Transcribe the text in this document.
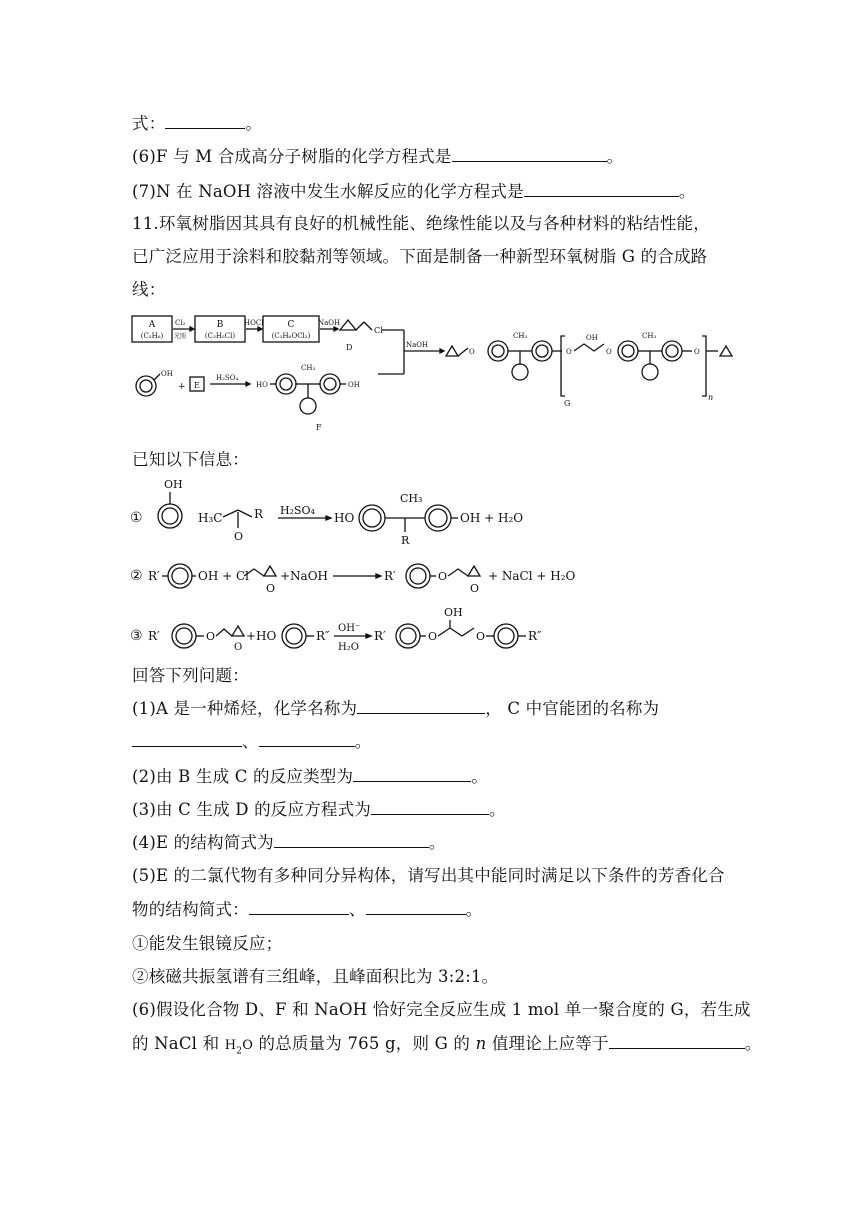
式：	。
(6)F 与 M 合成高分子树脂的化学方程式是	。
(7)N 在 NaOH 溶液中发生水解反应的化学方程式是	。
11.环氧树脂因其具有良好的机械性能、绝缘性能以及与各种材料的粘结性能，
已广泛应用于涂料和胶黏剂等领域。下面是制备一种新型环氧树脂 G 的合成路
线：
A
(C₃H₆)
Cl₂
光照
B
(C₃H₅Cl)
HOCl	C
(C₃H₆OCl₂)
NaOH
Cl
D	NaOH
O
CH₃
O
OH
O
CH₃
O
n
G
OH
+ E
H₂SO₄
HO
CH₃
OH
F
已知以下信息：
①
OH
H₃C	R
O
H₂SO₄
HO
CH₃
R
OH + H₂O
② R′	OH + Cl
O
+NaOH	R′	O
O
+ NaCl + H₂O
③ R′	O
O
+HO	R″
OH⁻
H₂O
R′	O
OH
O	R″
回答下列问题：
(1)A 是一种烯烃，化学名称为	， C 中官能团的名称为
、	。
(2)由 B 生成 C 的反应类型为	。
(3)由 C 生成 D 的反应方程式为	。
(4)E 的结构简式为	。
(5)E 的二氯代物有多种同分异构体，请写出其中能同时满足以下条件的芳香化合
物的结构简式：	、	。
①能发生银镜反应；
②核磁共振氢谱有三组峰，且峰面积比为 3:2:1。
(6)假设化合物 D、F 和 NaOH 恰好完全反应生成 1 mol 单一聚合度的 G，若生成
的 NaCl 和 $H_2O$ 的总质量为 765 g，则 G 的 n 值理论上应等于	。
